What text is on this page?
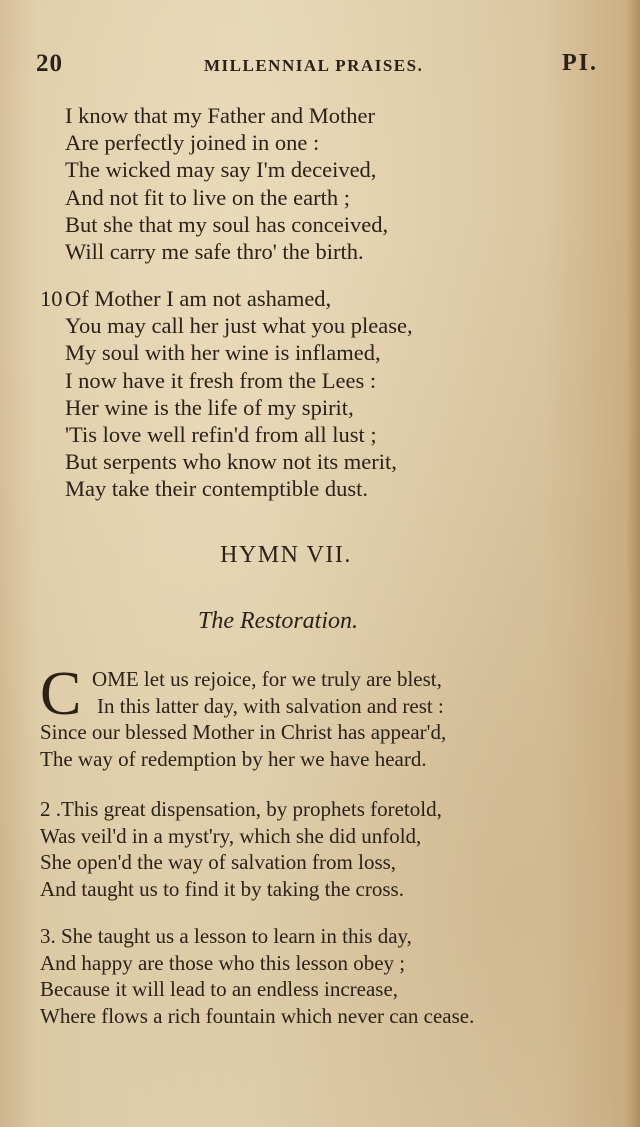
20	MILLENNIAL PRAISES.	PI.
I know that my Father and Mother
Are perfectly joined in one :
The wicked may say I'm deceived,
And not fit to live on the earth ;
But she that my soul has conceived,
Will carry me safe thro' the birth.
10 Of Mother I am not ashamed,
You may call her just what you please,
My soul with her wine is inflamed,
I now have it fresh from the Lees :
Her wine is the life of my spirit,
'Tis love well refin'd from all lust ;
But serpents who know not its merit,
May take their contemptible dust.
HYMN VII.
The Restoration.
C OME let us rejoice, for we truly are blest,
In this latter day, with salvation and rest :
Since our blessed Mother in Christ has appear'd,
The way of redemption by her we have heard.
2 .This great dispensation, by prophets foretold,
Was veil'd in a myst'ry, which she did unfold,
She open'd the way of salvation from loss,
And taught us to find it by taking the cross.
3. She taught us a lesson to learn in this day,
And happy are those who this lesson obey ;
Because it will lead to an endless increase,
Where flows a rich fountain which never can cease.
